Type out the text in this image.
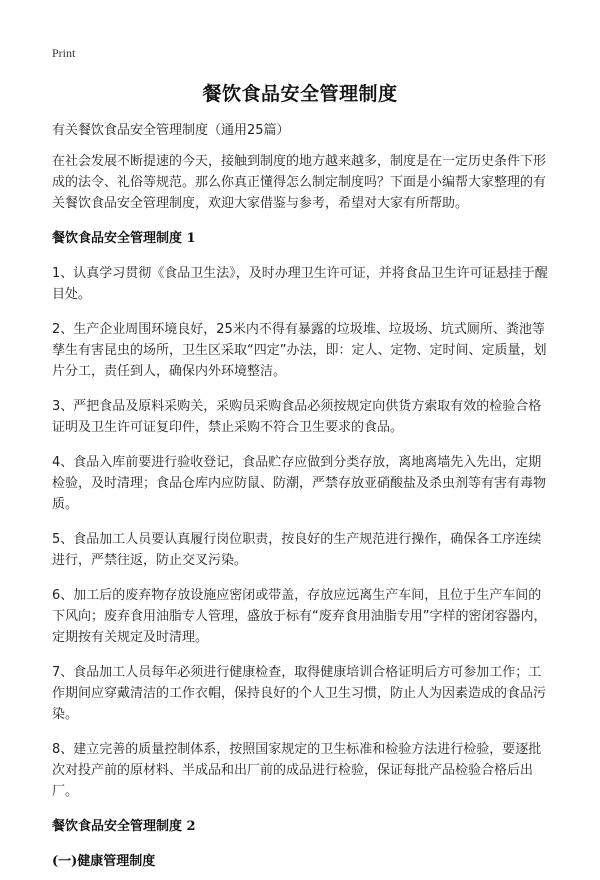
Print
餐饮食品安全管理制度
有关餐饮食品安全管理制度（通用25篇）
在社会发展不断提速的今天，接触到制度的地方越来越多，制度是在一定历史条件下形成的法令、礼俗等规范。那么你真正懂得怎么制定制度吗？下面是小编帮大家整理的有关餐饮食品安全管理制度，欢迎大家借鉴与参考，希望对大家有所帮助。
餐饮食品安全管理制度 1
1、认真学习贯彻《食品卫生法》，及时办理卫生许可证，并将食品卫生许可证悬挂于醒目处。
2、生产企业周围环境良好，25米内不得有暴露的垃圾堆、垃圾场、坑式厕所、粪池等孳生有害昆虫的场所，卫生区采取“四定”办法，即：定人、定物、定时间、定质量，划片分工，责任到人，确保内外环境整洁。
3、严把食品及原料采购关，采购员采购食品必须按规定向供货方索取有效的检验合格证明及卫生许可证复印件，禁止采购不符合卫生要求的食品。
4、食品入库前要进行验收登记，食品贮存应做到分类存放，离地离墙先入先出，定期检验，及时清理；食品仓库内应防鼠、防潮，严禁存放亚硝酸盐及杀虫剂等有害有毒物质。
5、食品加工人员要认真履行岗位职责，按良好的生产规范进行操作，确保各工序连续进行，严禁往返，防止交叉污染。
6、加工后的废弃物存放设施应密闭或带盖，存放应远离生产车间，且位于生产车间的下风向；废弃食用油脂专人管理，盛放于标有“废弃食用油脂专用”字样的密闭容器内，定期按有关规定及时清理。
7、食品加工人员每年必须进行健康检查，取得健康培训合格证明后方可参加工作；工作期间应穿戴清洁的工作衣帽，保持良好的个人卫生习惯，防止人为因素造成的食品污染。
8、建立完善的质量控制体系，按照国家规定的卫生标准和检验方法进行检验，要逐批次对投产前的原材料、半成品和出厂前的成品进行检验，保证每批产品检验合格后出厂。
餐饮食品安全管理制度 2
(一)健康管理制度
